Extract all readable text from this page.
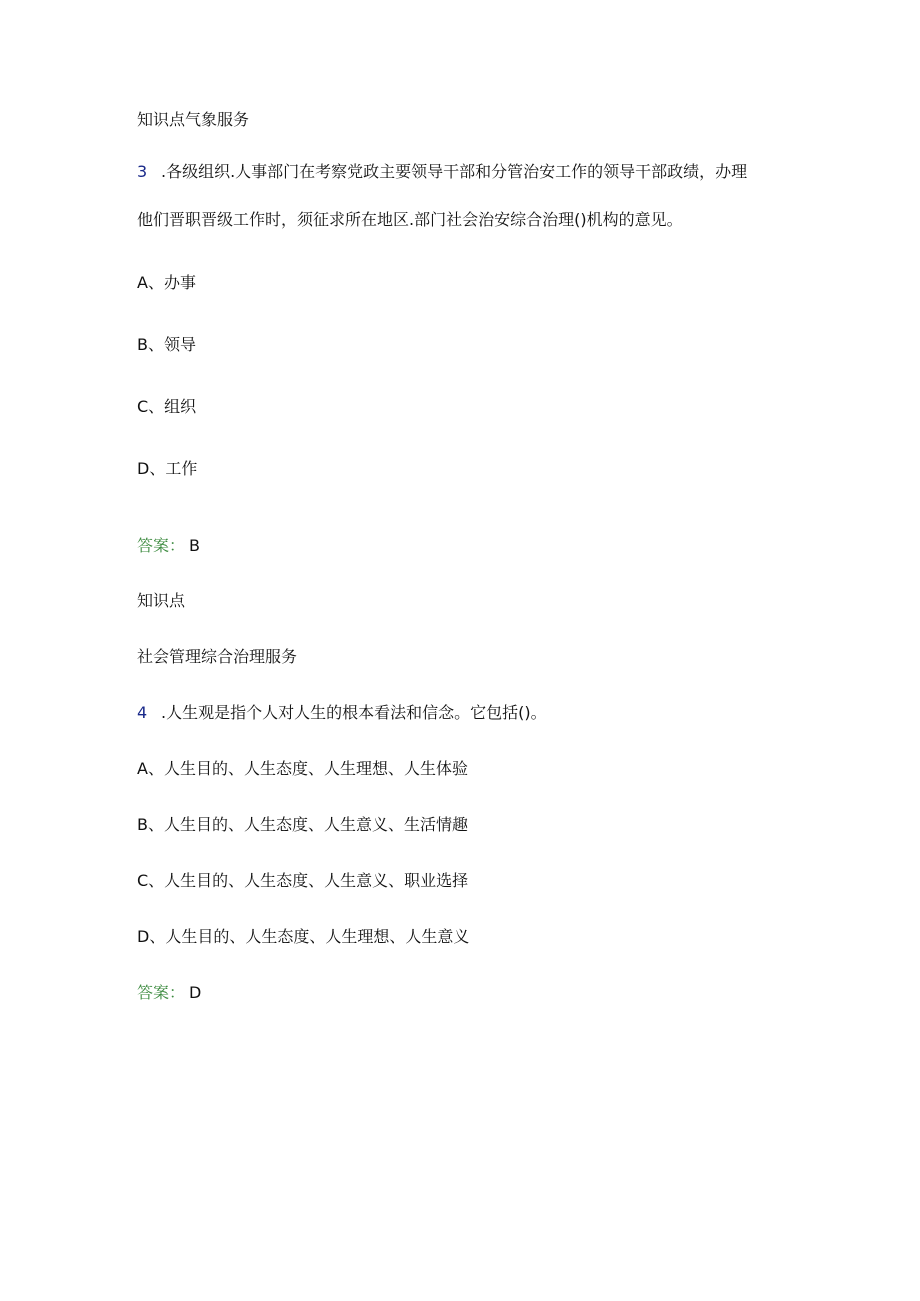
知识点气象服务
3 .各级组织.人事部门在考察党政主要领导干部和分管治安工作的领导干部政绩，办理
他们晋职晋级工作时，须征求所在地区.部门社会治安综合治理()机构的意见。
A、办事
B、领导
C、组织
D、工作
答案： B
知识点
社会管理综合治理服务
4 .人生观是指个人对人生的根本看法和信念。它包括()。
A、人生目的、人生态度、人生理想、人生体验
B、人生目的、人生态度、人生意义、生活情趣
C、人生目的、人生态度、人生意义、职业选择
D、人生目的、人生态度、人生理想、人生意义
答案： D
